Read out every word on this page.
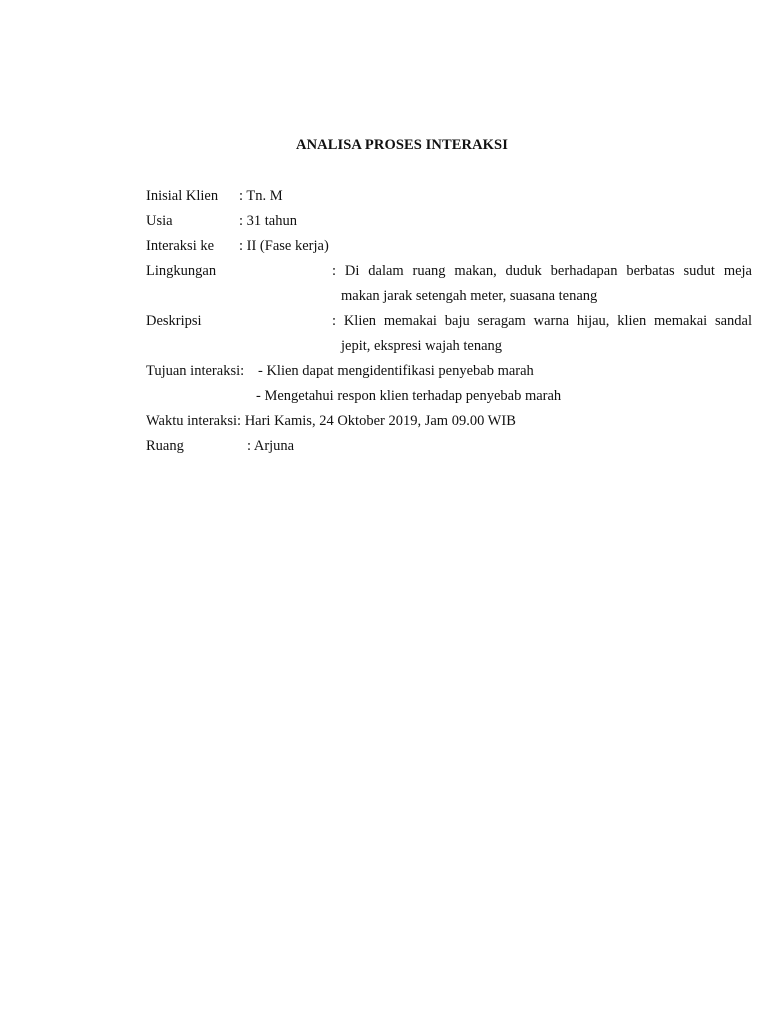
ANALISA PROSES INTERAKSI
Inisial Klien : Tn. M
Usia	: 31 tahun
Interaksi ke : II (Fase kerja)
Lingkungan	: Di dalam ruang makan, duduk berhadapan berbatas sudut meja
makan jarak setengah meter, suasana tenang
Deskripsi	: Klien memakai baju seragam warna hijau, klien memakai sandal
jepit, ekspresi wajah tenang
Tujuan interaksi: - Klien dapat mengidentifikasi penyebab marah
- Mengetahui respon klien terhadap penyebab marah
Waktu interaksi: Hari Kamis, 24 Oktober 2019, Jam 09.00 WIB
Ruang	: Arjuna
